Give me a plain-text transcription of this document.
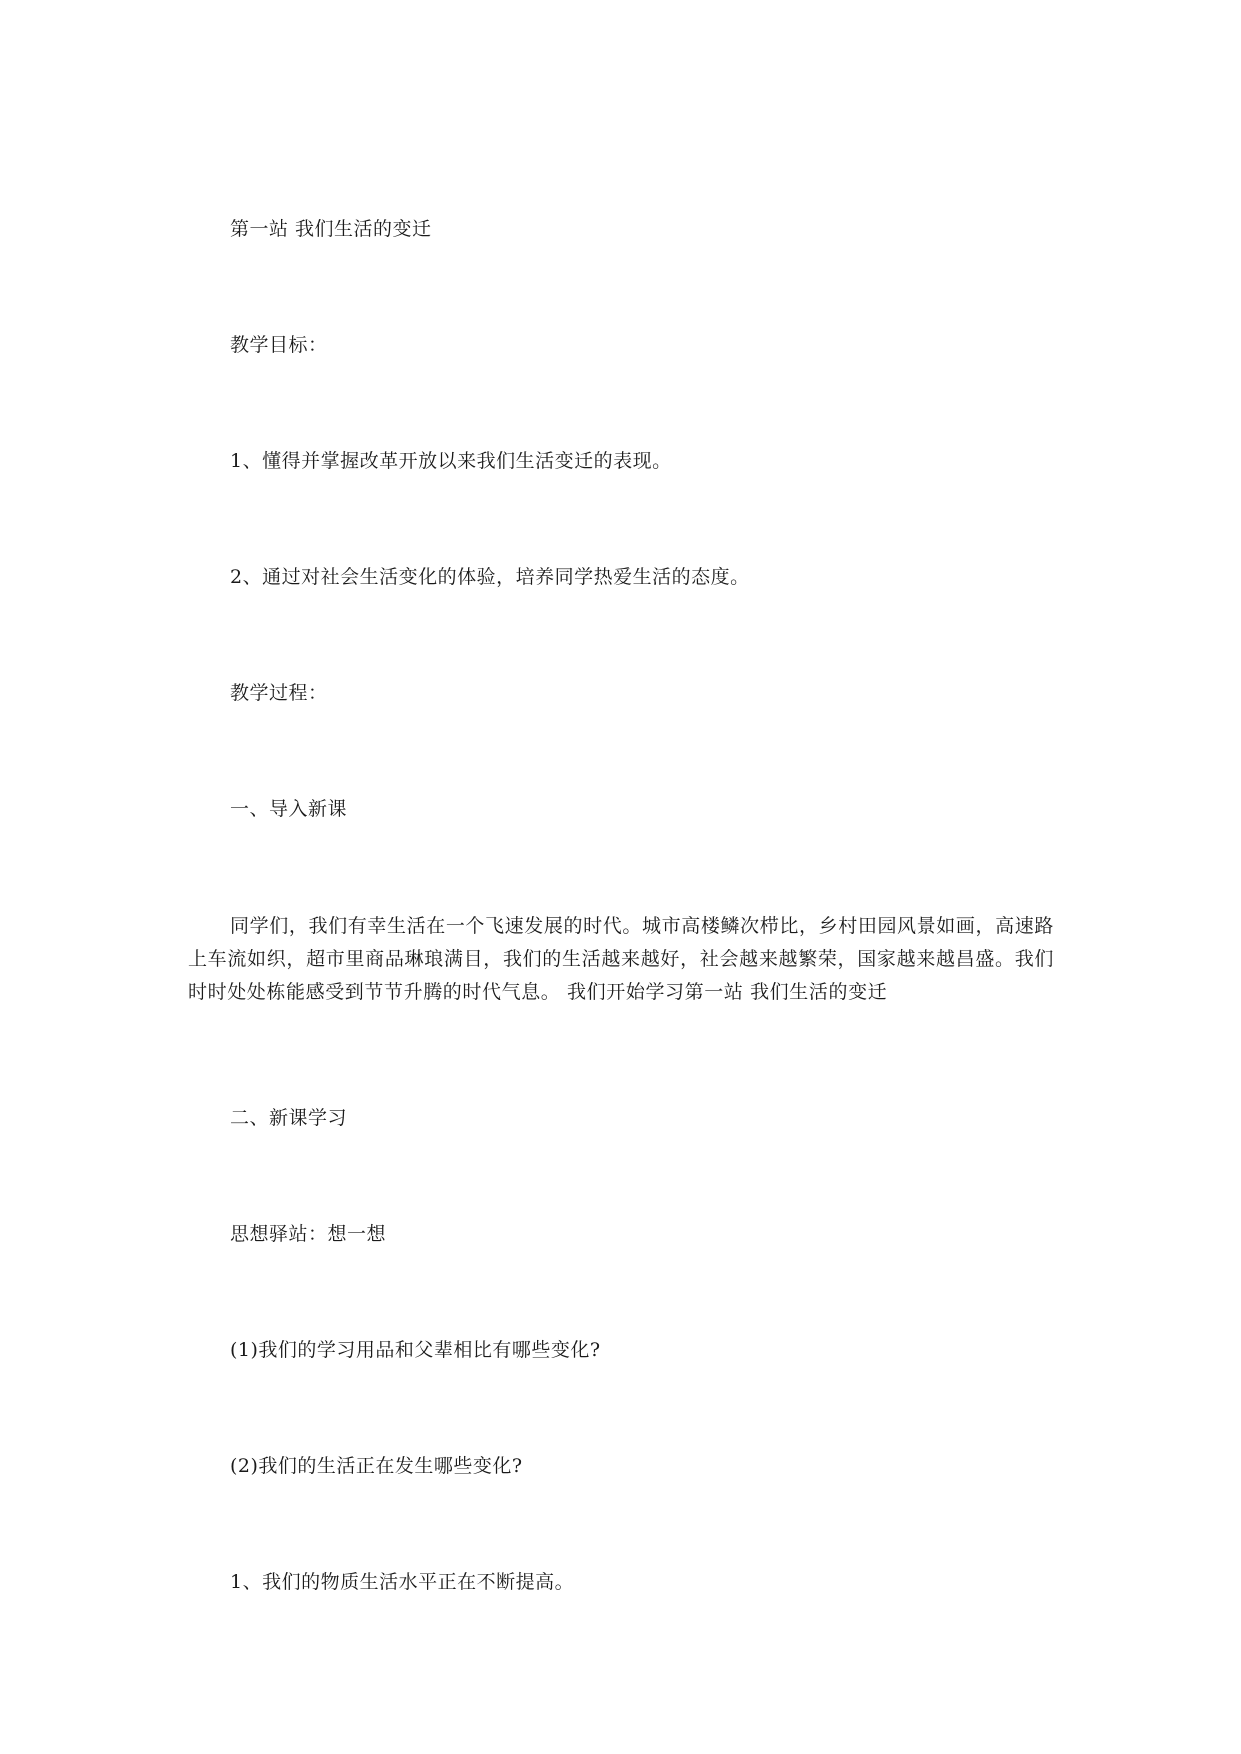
第一站 我们生活的变迁
教学目标：
1、懂得并掌握改革开放以来我们生活变迁的表现。
2、通过对社会生活变化的体验，培养同学热爱生活的态度。
教学过程：
一、导入新课
同学们，我们有幸生活在一个飞速发展的时代。城市高楼鳞次栉比，乡村田园风景如画，高速路上车流如织，超市里商品琳琅满目，我们的生活越来越好，社会越来越繁荣，国家越来越昌盛。我们时时处处栋能感受到节节升腾的时代气息。 我们开始学习第一站 我们生活的变迁
二、新课学习
思想驿站：想一想
(1)我们的学习用品和父辈相比有哪些变化?
(2)我们的生活正在发生哪些变化?
1、我们的物质生活水平正在不断提高。
